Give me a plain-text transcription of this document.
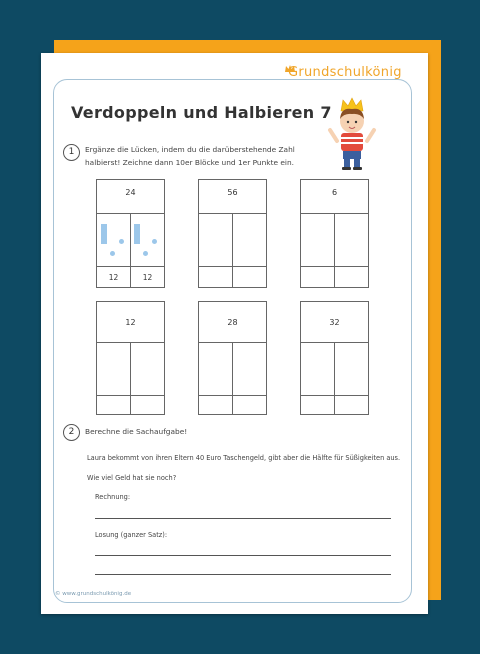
Grundschulkönig
Verdoppeln und Halbieren 7
1	Ergänze die Lücken, indem du die darüberstehende Zahl
halbierst! Zeichne dann 10er Blöcke und 1er Punkte ein.
24
12	12
56	6
12	28	32
2	Berechne die Sachaufgabe!
Laura bekommt von ihren Eltern 40 Euro Taschengeld, gibt aber die Hälfte für Süßigkeiten aus.
Wie viel Geld hat sie noch?
Rechnung:
Losung (ganzer Satz):
© www.grundschulkönig.de
